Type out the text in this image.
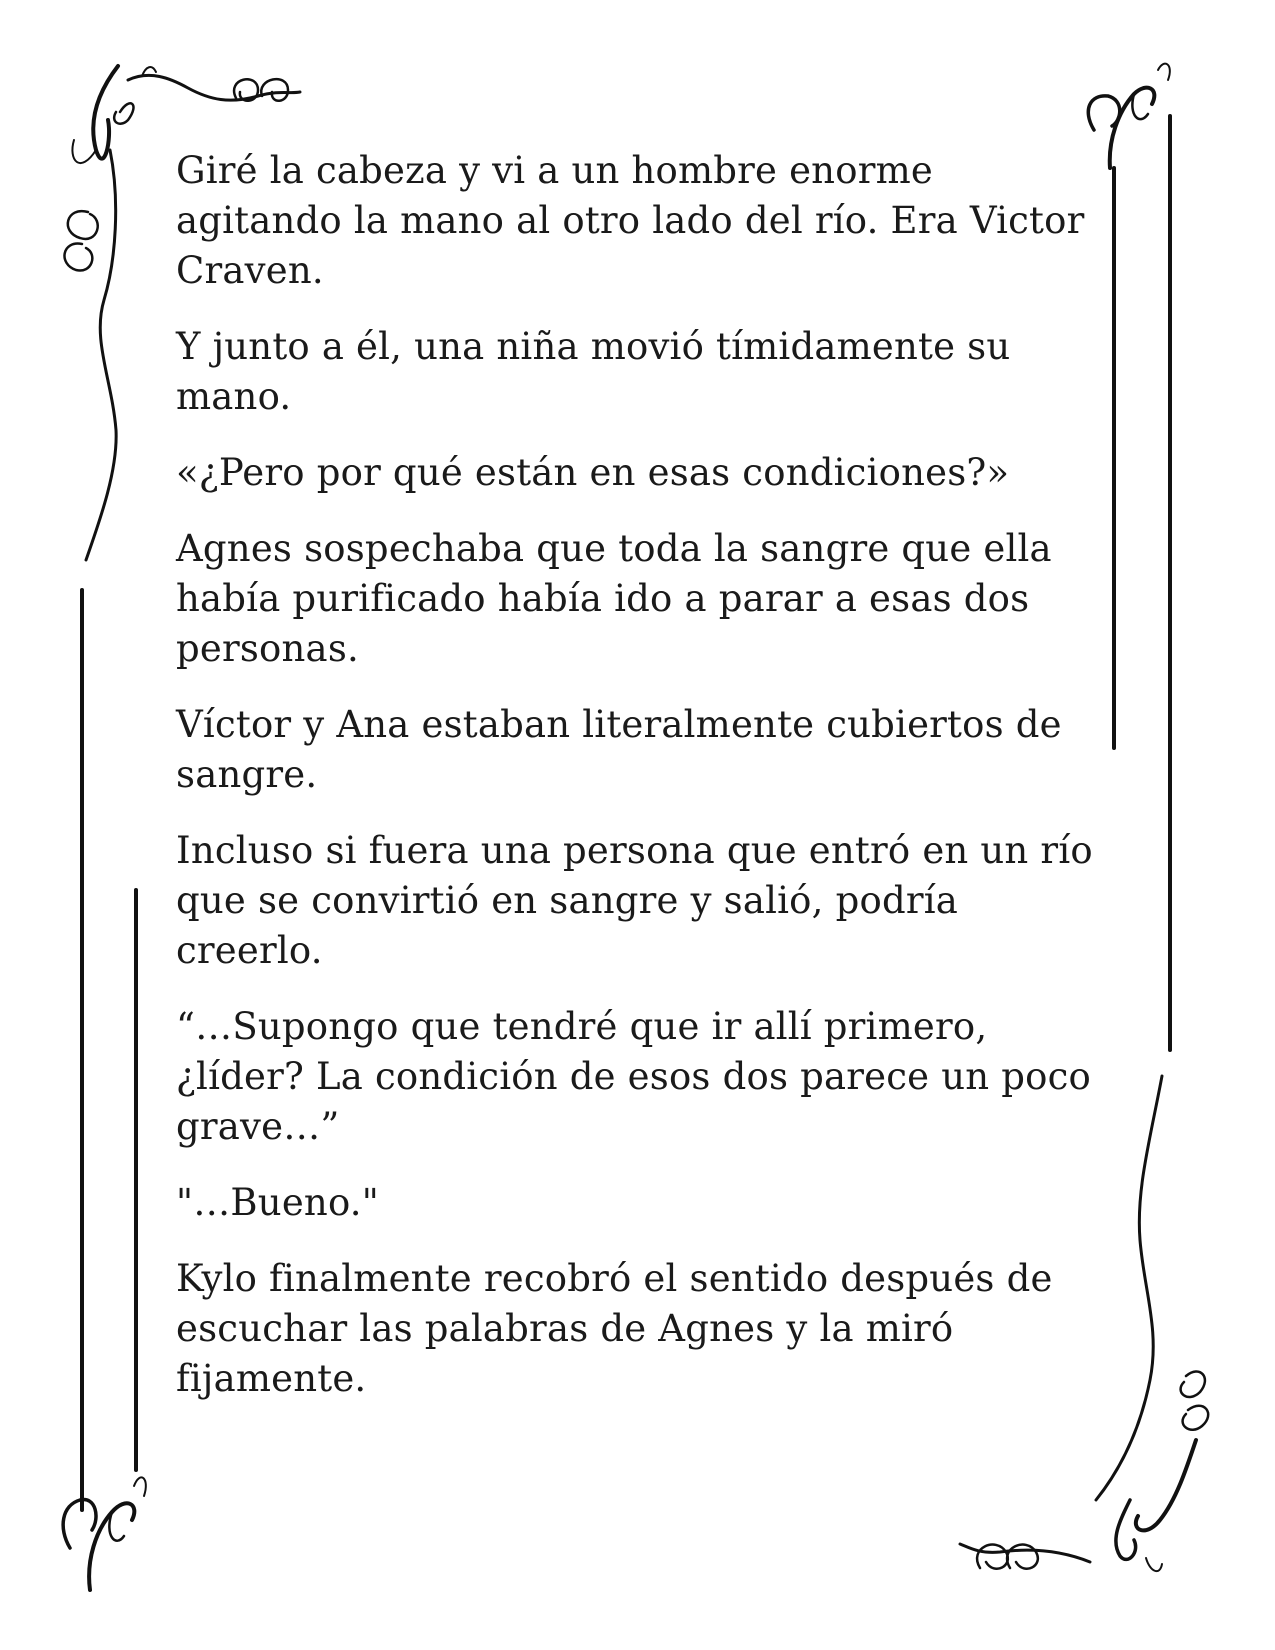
Giré la cabeza y vi a un hombre enorme agitando la mano al otro lado del río. Era Victor Craven.

Y junto a él, una niña movió tímidamente su mano.

«¿Pero por qué están en esas condiciones?»

Agnes sospechaba que toda la sangre que ella había purificado había ido a parar a esas dos personas.

Víctor y Ana estaban literalmente cubiertos de sangre.

Incluso si fuera una persona que entró en un río que se convirtió en sangre y salió, podría creerlo.

“…Supongo que tendré que ir allí primero, ¿líder? La condición de esos dos parece un poco grave…”

"…Bueno."

Kylo finalmente recobró el sentido después de escuchar las palabras de Agnes y la miró fijamente.
